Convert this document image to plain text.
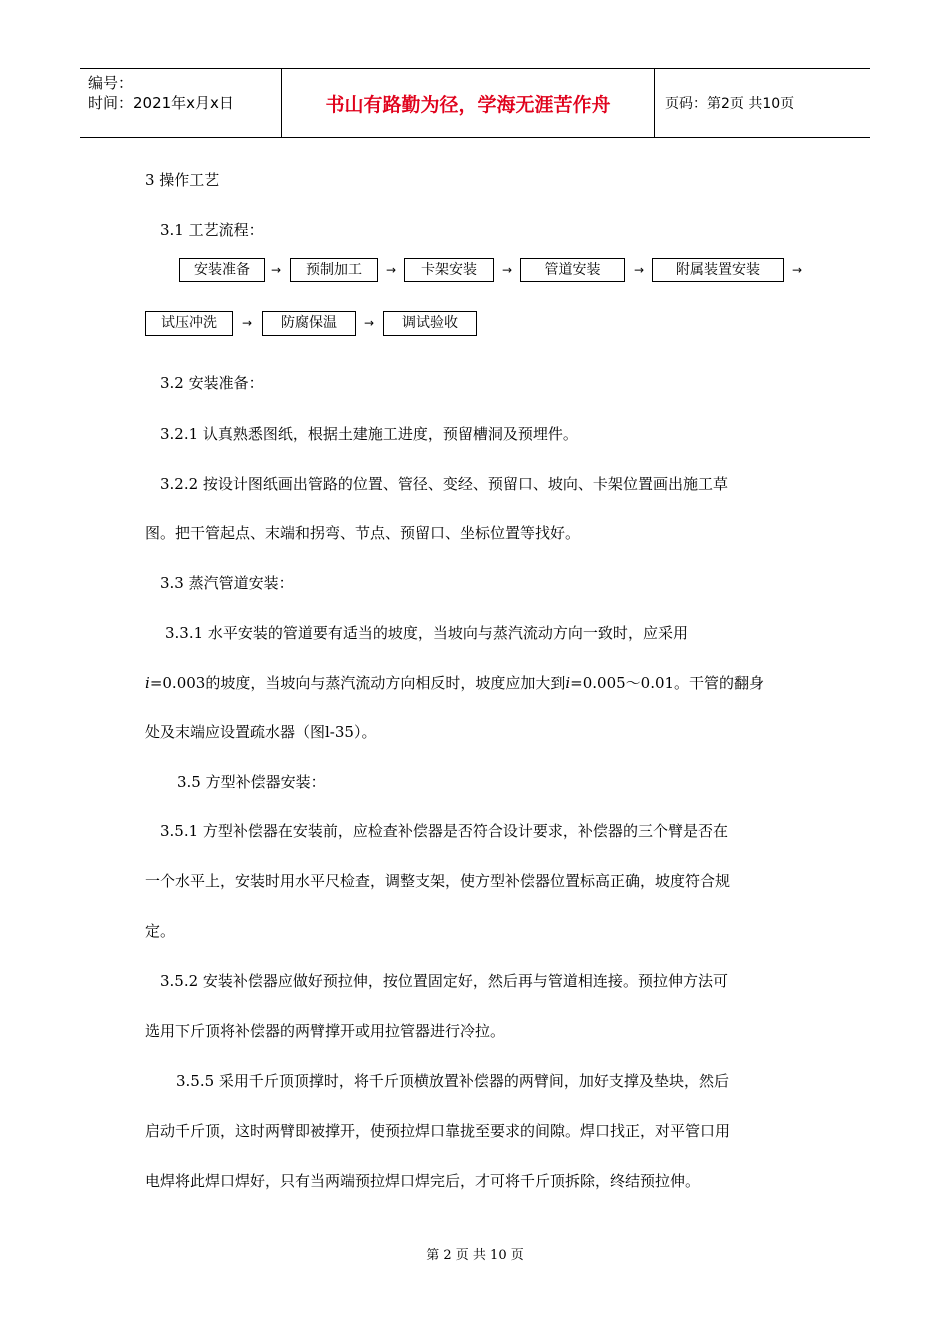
编号：
时间：2021年x月x日	书山有路勤为径，学海无涯苦作舟	页码：第2页 共10页
3 操作工艺
3.1 工艺流程：
安装准备	→	预制加工	→	卡架安装	→	管道安装	→	附属装置安装	→
试压冲洗	→	防腐保温	→	调试验收
3.2 安装准备：
3.2.1 认真熟悉图纸，根据土建施工进度，预留槽洞及预埋件。
3.2.2 按设计图纸画出管路的位置、管径、变经、预留口、坡向、卡架位置画出施工草
图。把干管起点、末端和拐弯、节点、预留口、坐标位置等找好。
3.3 蒸汽管道安装：
3.3.1 水平安装的管道要有适当的坡度，当坡向与蒸汽流动方向一致时，应采用
i=0.003的坡度，当坡向与蒸汽流动方向相反时，坡度应加大到i=0.005～0.01。干管的翻身
处及末端应设置疏水器（图l-35）。
3.5 方型补偿器安装：
3.5.1 方型补偿器在安装前，应检查补偿器是否符合设计要求，补偿器的三个臂是否在
一个水平上，安装时用水平尺检查，调整支架，使方型补偿器位置标高正确，坡度符合规
定。
3.5.2 安装补偿器应做好预拉伸，按位置固定好，然后再与管道相连接。预拉伸方法可
选用下斤顶将补偿器的两臂撑开或用拉管器进行冷拉。
3.5.5 采用千斤顶顶撑时，将千斤顶横放置补偿器的两臂间，加好支撑及垫块，然后
启动千斤顶，这时两臂即被撑开，使预拉焊口靠拢至要求的间隙。焊口找正，对平管口用
电焊将此焊口焊好，只有当两端预拉焊口焊完后，才可将千斤顶拆除，终结预拉伸。
第 2 页 共 10 页
